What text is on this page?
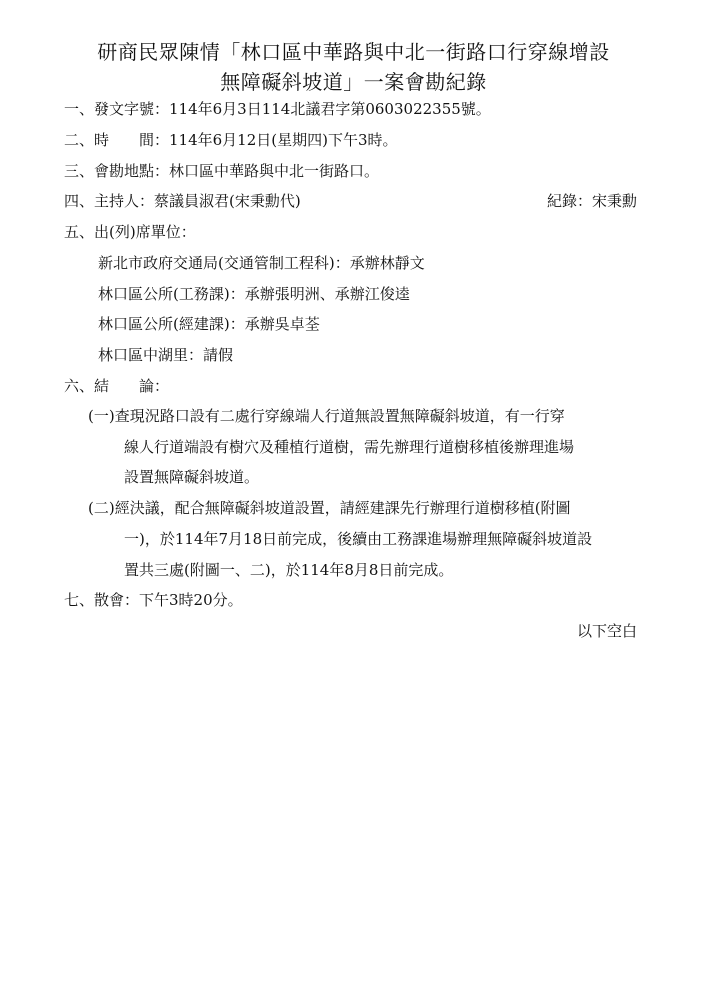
研商民眾陳情「林口區中華路與中北一街路口行穿線增設
無障礙斜坡道」一案會勘紀錄
一、發文字號：114年6月3日114北議君字第0603022355號。
二、時　　間：114年6月12日(星期四)下午3時。
三、會勘地點：林口區中華路與中北一街路口。
四、主持人：蔡議員淑君(宋秉勳代)	紀錄：宋秉勳
五、出(列)席單位：
新北市政府交通局(交通管制工程科)：承辦林靜文
林口區公所(工務課)：承辦張明洲、承辦江俊逵
林口區公所(經建課)：承辦吳卓荃
林口區中湖里：請假
六、結　　論：
(一)查現況路口設有二處行穿線端人行道無設置無障礙斜坡道，有一行穿
線人行道端設有樹穴及種植行道樹，需先辦理行道樹移植後辦理進場
設置無障礙斜坡道。
(二)經決議，配合無障礙斜坡道設置，請經建課先行辦理行道樹移植(附圖
一)，於114年7月18日前完成，後續由工務課進場辦理無障礙斜坡道設
置共三處(附圖一、二)，於114年8月8日前完成。
七、散會：下午3時20分。
以下空白
